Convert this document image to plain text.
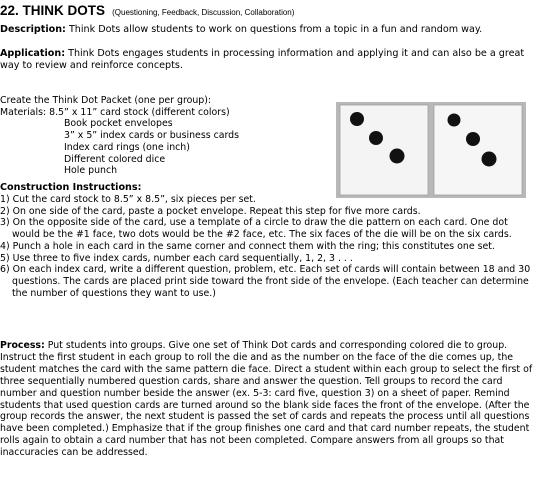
22. THINK DOTS (Questioning, Feedback, Discussion, Collaboration)
Description: Think Dots allow students to work on questions from a topic in a fun and random way.
Application: Think Dots engages students in processing information and applying it and can also be a great way to review and reinforce concepts.
Create the Think Dot Packet (one per group):
Materials: 8.5” x 11” card stock (different colors)
Book pocket envelopes
3” x 5” index cards or business cards
Index card rings (one inch)
Different colored dice
Hole punch
Construction Instructions:
1) Cut the card stock to 8.5” x 8.5”, six pieces per set.
2) On one side of the card, paste a pocket envelope. Repeat this step for five more cards.
3) On the opposite side of the card, use a template of a circle to draw the die pattern on each card. One dot would be the #1 face, two dots would be the #2 face, etc. The six faces of the die will be on the six cards.
4) Punch a hole in each card in the same corner and connect them with the ring; this constitutes one set.
5) Use three to five index cards, number each card sequentially, 1, 2, 3 . . .
6) On each index card, write a different question, problem, etc. Each set of cards will contain between 18 and 30 questions. The cards are placed print side toward the front side of the envelope. (Each teacher can determine the number of questions they want to use.)
Process: Put students into groups. Give one set of Think Dot cards and corresponding colored die to group. Instruct the first student in each group to roll the die and as the number on the face of the die comes up, the student matches the card with the same pattern die face. Direct a student within each group to select the first of three sequentially numbered question cards, share and answer the question. Tell groups to record the card number and question number beside the answer (ex. 5-3: card five, question 3) on a sheet of paper. Remind students that used question cards are turned around so the blank side faces the front of the envelope. (After the group records the answer, the next student is passed the set of cards and repeats the process until all questions have been completed.) Emphasize that if the group finishes one card and that card number repeats, the student rolls again to obtain a card number that has not been completed. Compare answers from all groups so that inaccuracies can be addressed.
